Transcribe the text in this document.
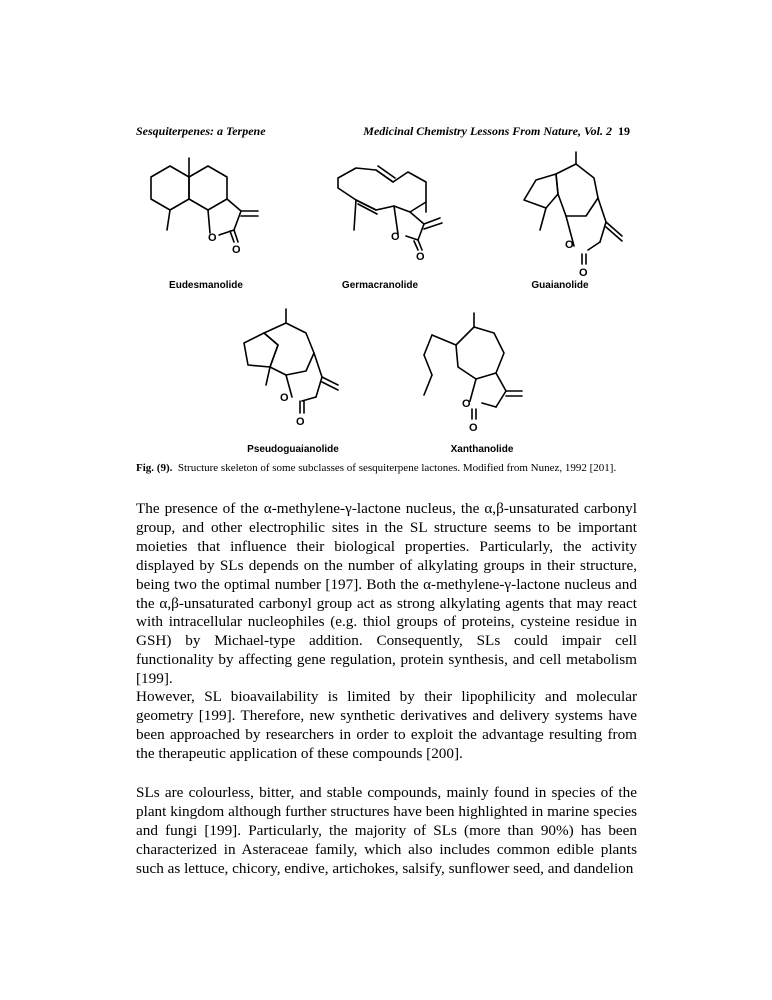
Sesquiterpenes: a Terpene	Medicinal Chemistry Lessons From Nature, Vol. 2 19
O
O
Eudesmanolide
O
O
Germacranolide
O
O
Guaianolide
O
O
Pseudoguaianolide
O
O
Xanthanolide
Fig. (9). Structure skeleton of some subclasses of sesquiterpene lactones. Modified from Nunez, 1992 [201].

The presence of the α-methylene-γ-lactone nucleus, the α,β-unsaturated carbonyl group, and other electrophilic sites in the SL structure seems to be important moieties that influence their biological properties. Particularly, the activity displayed by SLs depends on the number of alkylating groups in their structure, being two the optimal number [197]. Both the α-methylene-γ-lactone nucleus and the α,β-unsaturated carbonyl group act as strong alkylating agents that may react with intracellular nucleophiles (e.g. thiol groups of proteins, cysteine residue in GSH) by Michael-type addition. Consequently, SLs could impair cell functionality by affecting gene regulation, protein synthesis, and cell metabolism [199].

However, SL bioavailability is limited by their lipophilicity and molecular geometry [199]. Therefore, new synthetic derivatives and delivery systems have been approached by researchers in order to exploit the advantage resulting from the therapeutic application of these compounds [200].

SLs are colourless, bitter, and stable compounds, mainly found in species of the plant kingdom although further structures have been highlighted in marine species and fungi [199]. Particularly, the majority of SLs (more than 90%) has been characterized in Asteraceae family, which also includes common edible plants such as lettuce, chicory, endive, artichokes, salsify, sunflower seed, and dandelion
